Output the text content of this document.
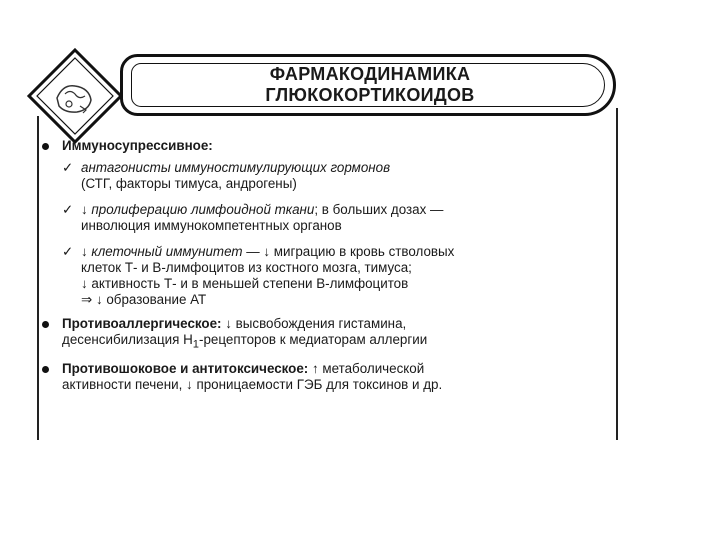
ФАРМАКОДИНАМИКА
ГЛЮКОКОРТИКОИДОВ
Иммуносупрессивное:
✓ антагонисты иммуностимулирующих гормонов
(СТГ, факторы тимуса, андрогены)
✓ ↓ пролиферацию лимфоидной ткани; в больших дозах —
инволюция иммунокомпетентных органов
✓ ↓ клеточный иммунитет — ↓ миграцию в кровь стволовых
клеток Т- и В-лимфоцитов из костного мозга, тимуса;
↓ активность Т- и в меньшей степени В-лимфоцитов
⇒ ↓ образование АТ
Противоаллергическое: ↓ высвобождения гистамина,
десенсибилизация $Н_1$-рецепторов к медиаторам аллергии
Противошоковое и антитоксическое: ↑ метаболической
активности печени, ↓ проницаемости ГЭБ для токсинов и др.
